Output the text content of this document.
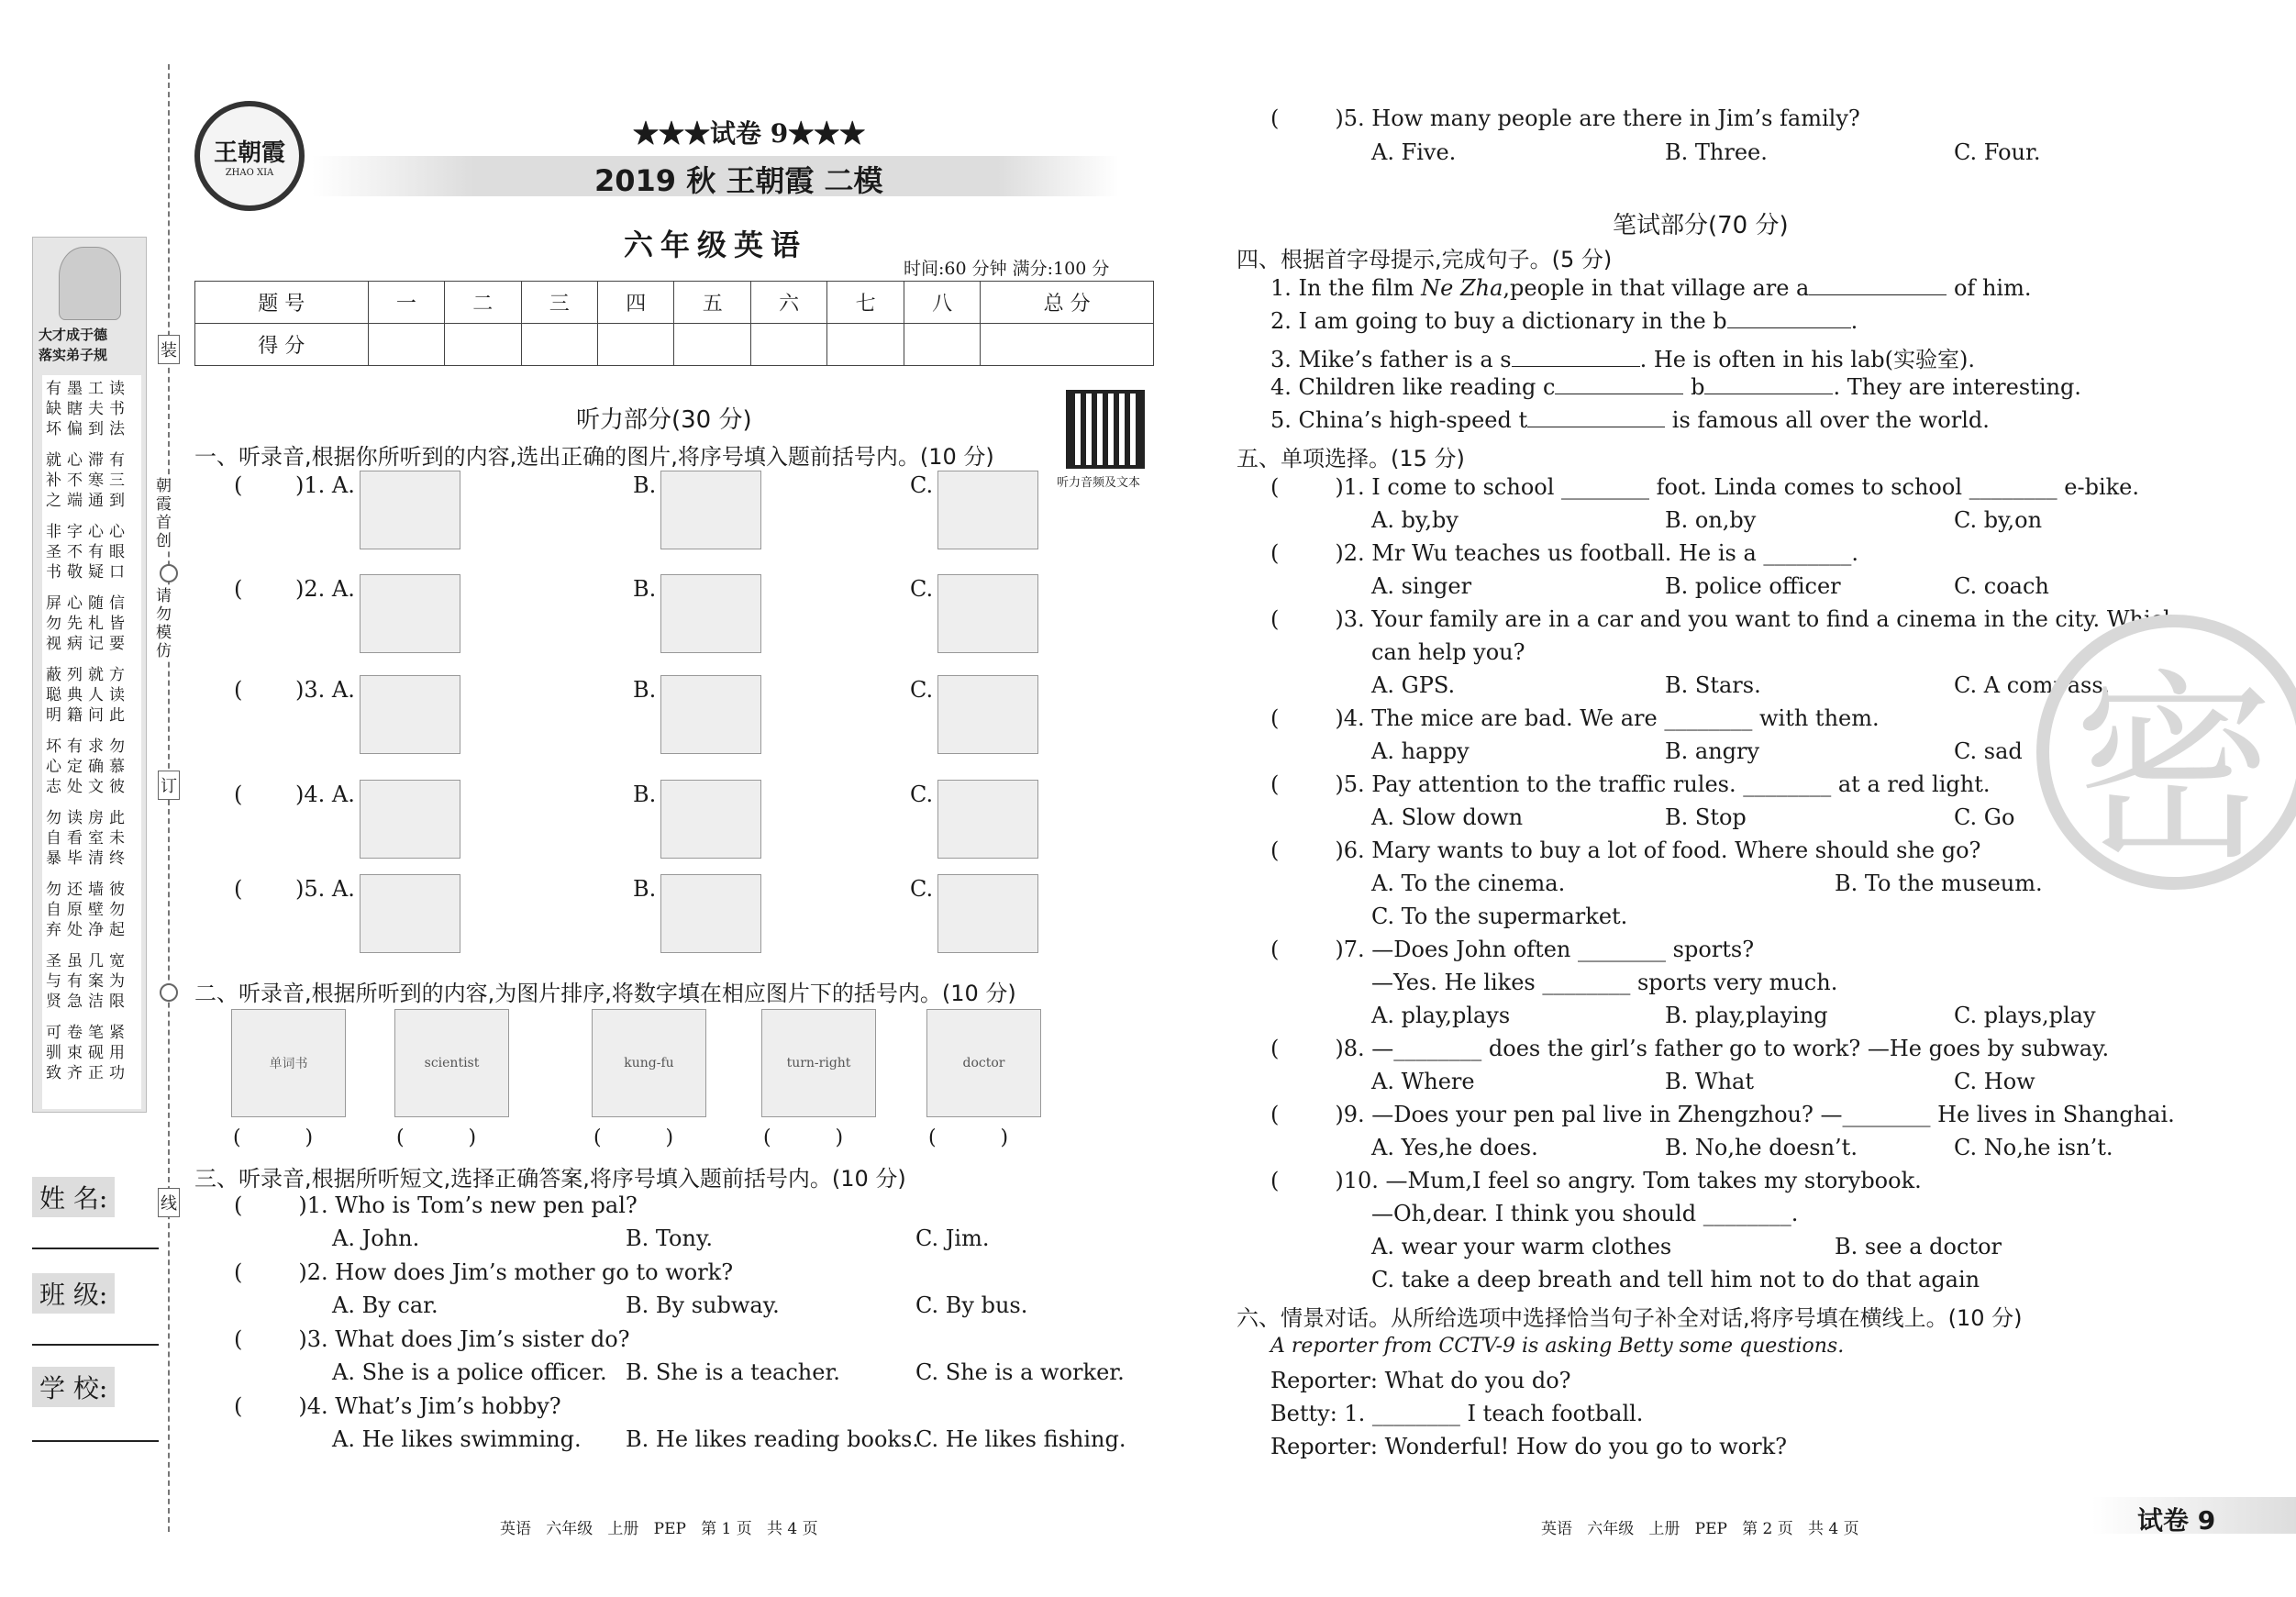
装
朝霞首创
请勿模仿
订
线
大才成于德
落实弟子规
有墨工读
缺瞎夫书
坏偏到法
就心滞有
补不寒三
之端通到
非字心心
圣不有眼
书敬疑口
屏心随信
勿先札皆
视病记要
蔽列就方
聪典人读
明籍问此
坏有求勿
心定确慕
志处文彼
勿读房此
自看室未
暴毕清终
勿还墙彼
自原壁勿
弃处净起
圣虽几宽
与有案为
贤急洁限
可卷笔紧
驯束砚用
致齐正功
姓 名:
班 级:
学 校:
王朝霞
ZHAO XIA
★★★试卷 9★★★
2019 秋 王朝霞 二模
六年级英语
时间:60 分钟 满分:100 分
题 号	一	二	三	四	五	六	七	八	总 分
得 分									
听力部分(30 分)
听力音频及文本
一、听录音,根据你所听到的内容,选出正确的图片,将序号填入题前括号内。(10 分)
( )1. A.	B.	C.
( )2. A.	B.	C.
( )3. A.	B.	C.
( )4. A.	B.	C.
( )5. A.	B.	C.
二、听录音,根据所听到的内容,为图片排序,将数字填在相应图片下的括号内。(10 分)
单词书
(          )
scientist
(          )
kung-fu
(          )
turn-right
(          )
doctor
(          )
三、听录音,根据所听短文,选择正确答案,将序号填入题前括号内。(10 分)
(        )1. Who is Tom’s new pen pal?
A. John.	B. Tony.	C. Jim.
(        )2. How does Jim’s mother go to work?
A. By car.	B. By subway.	C. By bus.
(        )3. What does Jim’s sister do?
A. She is a police officer. B. She is a teacher.	C. She is a worker.
(        )4. What’s Jim’s hobby?
A. He likes swimming. B. He likes reading books.
C. He likes fishing.
(        )5. How many people are there in Jim’s family?
A. Five.	B. Three.	C. Four.
笔试部分(70 分)
四、根据首字母提示,完成句子。(5 分)
1. In the film Ne Zha,people in that village are a	of him.
2. I am going to buy a dictionary in the b	.
3. Mike’s father is a s	. He is often in his lab(实验室).
4. Children like reading c	b	. They are interesting.
5. China’s high-speed t	is famous all over the world.
五、单项选择。(15 分)
(        )1. I come to school ________ foot. Linda comes to school ________ e-bike.
A. by,by	B. on,by	C. by,on
(        )2. Mr Wu teaches us football. He is a ________.
A. singer	B. police officer	C. coach
(        )3. Your family are in a car and you want to find a cinema in the city. Which
can help you?
A. GPS.	B. Stars.	C. A compass.
(        )4. The mice are bad. We are ________ with them.
A. happy	B. angry	C. sad
(        )5. Pay attention to the traffic rules. ________ at a red light.
A. Slow down	B. Stop	C. Go
(        )6. Mary wants to buy a lot of food. Where should she go?
A. To the cinema.	B. To the museum.
C. To the supermarket.
(        )7. —Does John often ________ sports?
—Yes. He likes ________ sports very much.
A. play,plays	B. play,playing	C. plays,play
(        )8. —________ does the girl’s father go to work? —He goes by subway.
A. Where	B. What	C. How
(        )9. —Does your pen pal live in Zhengzhou? —________ He lives in Shanghai.
A. Yes,he does.	B. No,he doesn’t.	C. No,he isn’t.
(        )10. —Mum,I feel so angry. Tom takes my storybook.
—Oh,dear. I think you should ________.
A. wear your warm clothes	B. see a doctor
C. take a deep breath and tell him not to do that again
六、情景对话。从所给选项中选择恰当句子补全对话,将序号填在横线上。(10 分)
A reporter from CCTV-9 is asking Betty some questions.
Reporter: What do you do?
Betty: 1. ________ I teach football.
Reporter: Wonderful! How do you go to work?
密
英语   六年级   上册   PEP   第 1 页   共 4 页	英语   六年级   上册   PEP   第 2 页   共 4 页	试卷 9
